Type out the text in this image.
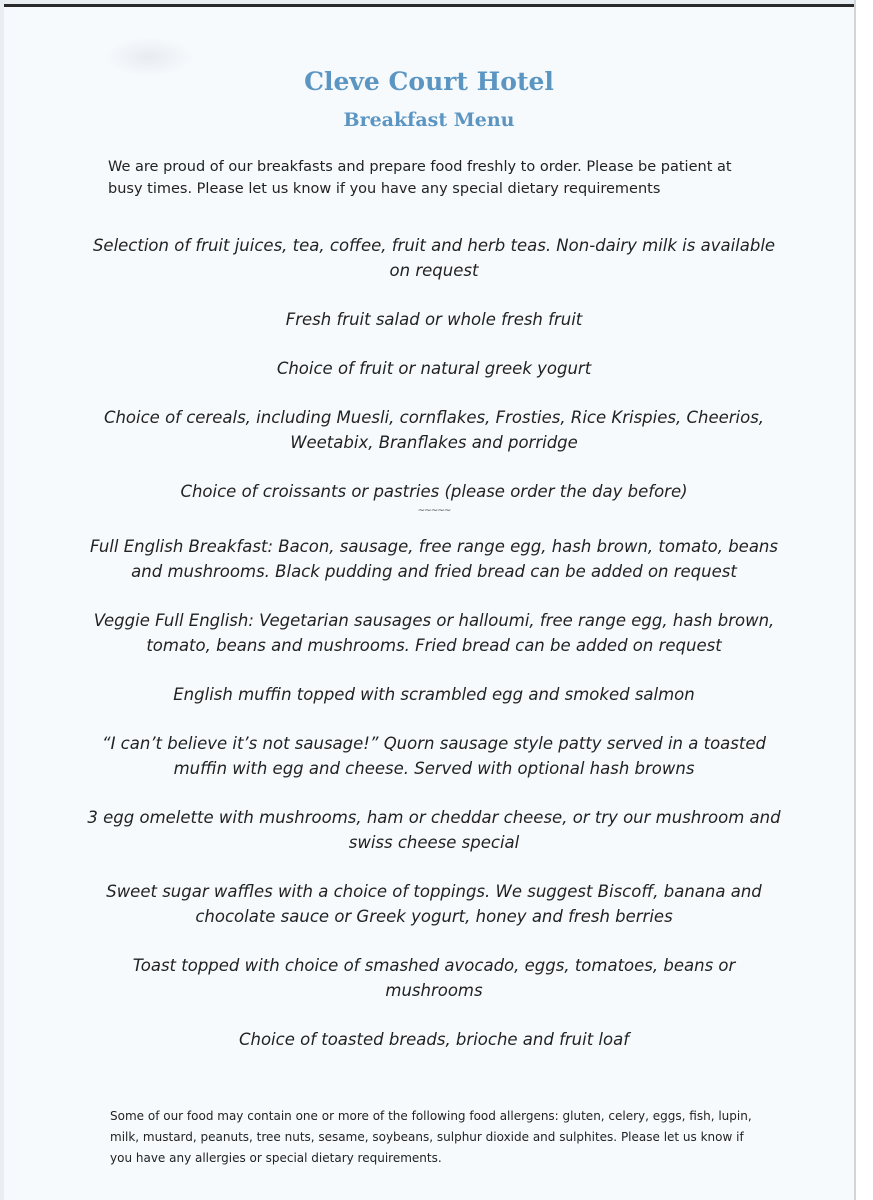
Cleve Court Hotel
Breakfast Menu

We are proud of our breakfasts and prepare food freshly to order. Please be patient at busy times. Please let us know if you have any special dietary requirements

Selection of fruit juices, tea, coffee, fruit and herb teas. Non-dairy milk is available on request
Fresh fruit salad or whole fresh fruit
Choice of fruit or natural greek yogurt
Choice of cereals, including Muesli, cornflakes, Frosties, Rice Krispies, Cheerios, Weetabix, Branflakes and porridge
Choice of croissants or pastries (please order the day before)
~~~~~
Full English Breakfast: Bacon, sausage, free range egg, hash brown, tomato, beans and mushrooms. Black pudding and fried bread can be added on request
Veggie Full English: Vegetarian sausages or halloumi, free range egg, hash brown, tomato, beans and mushrooms. Fried bread can be added on request
English muffin topped with scrambled egg and smoked salmon
“I can’t believe it’s not sausage!” Quorn sausage style patty served in a toasted muffin with egg and cheese. Served with optional hash browns
3 egg omelette with mushrooms, ham or cheddar cheese, or try our mushroom and swiss cheese special
Sweet sugar waffles with a choice of toppings. We suggest Biscoff, banana and chocolate sauce or Greek yogurt, honey and fresh berries
Toast topped with choice of smashed avocado, eggs, tomatoes, beans or mushrooms
Choice of toasted breads, brioche and fruit loaf

Some of our food may contain one or more of the following food allergens: gluten, celery, eggs, fish, lupin, milk, mustard, peanuts, tree nuts, sesame, soybeans, sulphur dioxide and sulphites. Please let us know if you have any allergies or special dietary requirements.
